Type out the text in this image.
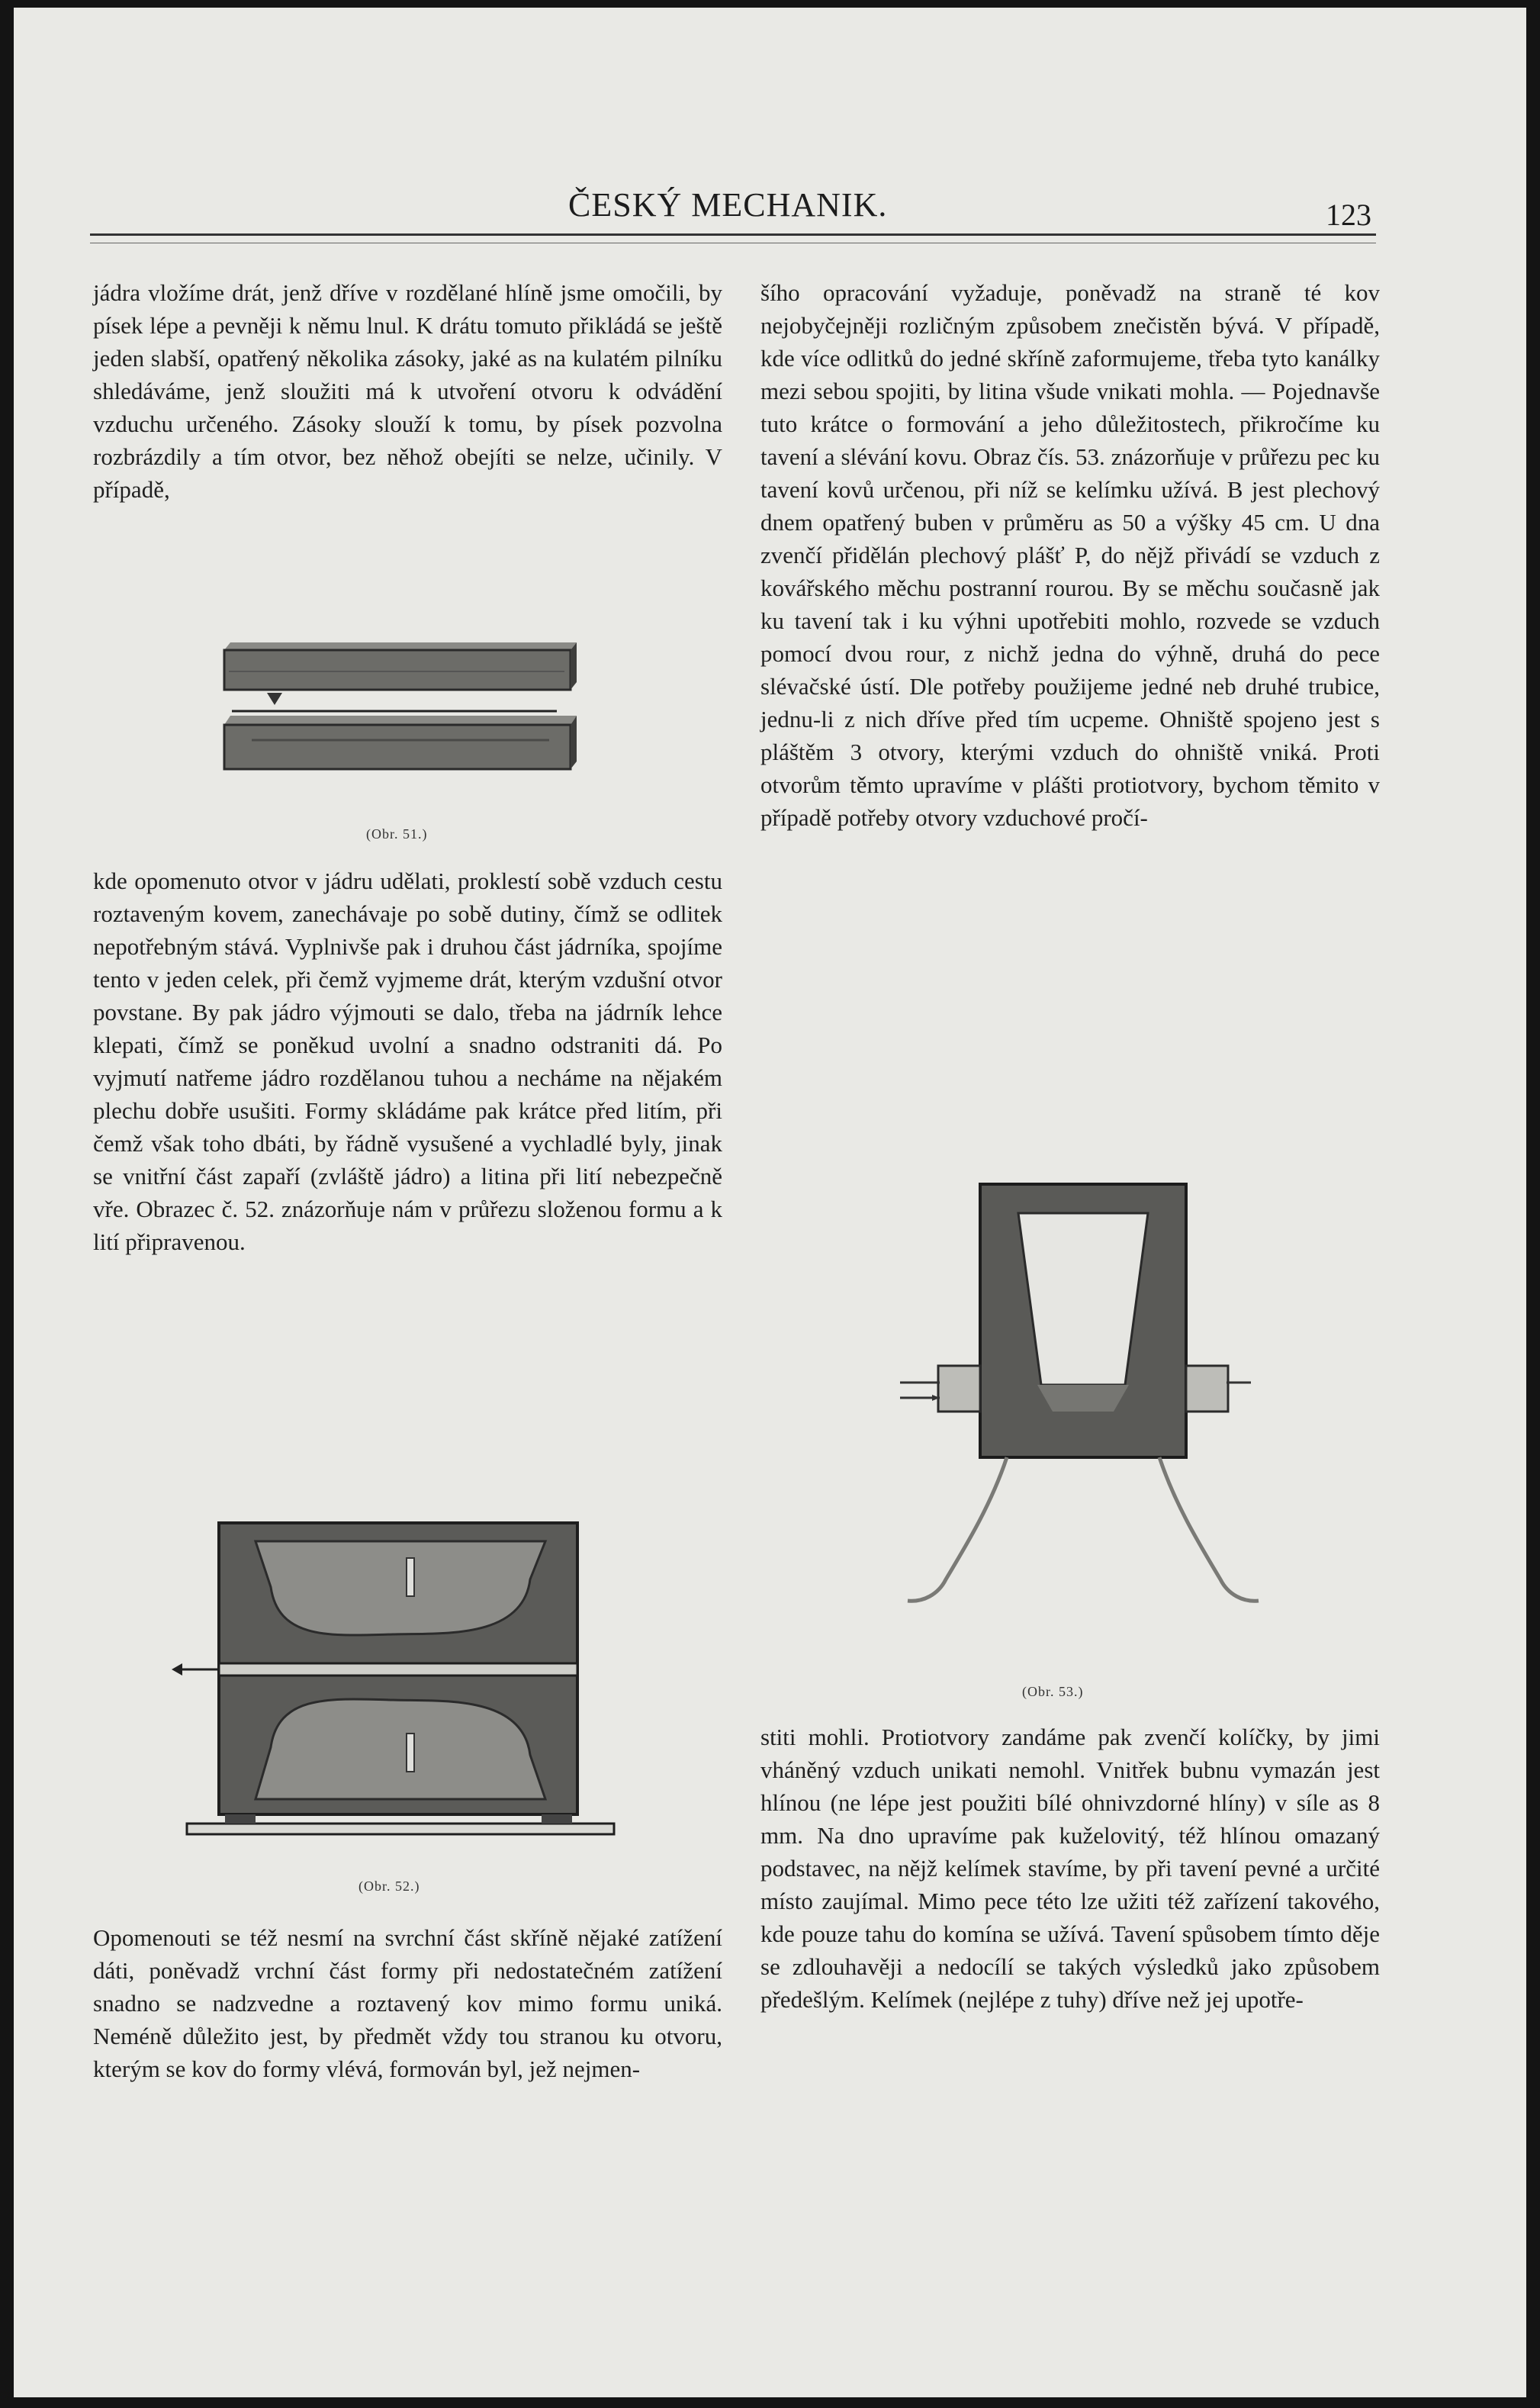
ČESKÝ MECHANIK.	123

jádra vložíme drát, jenž dříve v rozdělané hlíně jsme omočili, by písek lépe a pevněji k němu lnul. K drátu tomuto přikládá se ještě jeden slabší, opatřený několika zásoky, jaké as na kulatém pilníku shledáváme, jenž sloužiti má k utvoření otvoru k odvádění vzduchu určeného. Zásoky slouží k tomu, by písek pozvolna rozbrázdily a tím otvor, bez něhož obejíti se nelze, učinily. V případě,

(Obr. 51.)

kde opomenuto otvor v jádru udělati, proklestí sobě vzduch cestu roztaveným kovem, zanechávaje po sobě dutiny, čímž se odlitek nepotřebným stává. Vyplnivše pak i druhou část jádrníka, spojíme tento v jeden celek, při čemž vyjmeme drát, kterým vzdušní otvor povstane. By pak jádro výjmouti se dalo, třeba na jádrník lehce klepati, čímž se poněkud uvolní a snadno odstraniti dá. Po vyjmutí natřeme jádro rozdělanou tuhou a necháme na nějakém plechu dobře usušiti. Formy skládáme pak krátce před litím, při čemž však toho dbáti, by řádně vysušené a vychladlé byly, jinak se vnitřní část zapaří (zvláště jádro) a litina při lití nebezpečně vře. Obrazec č. 52. znázorňuje nám v průřezu složenou formu a k lití připravenou.

(Obr. 52.)

Opomenouti se též nesmí na svrchní část skříně nějaké zatížení dáti, poněvadž vrchní část formy při nedostatečném zatížení snadno se nadzvedne a roztavený kov mimo formu uniká. Neméně důležito jest, by předmět vždy tou stranou ku otvoru, kterým se kov do formy vlévá, formován byl, jež nejmen-

šího opracování vyžaduje, poněvadž na straně té kov nejobyčejněji rozličným způsobem znečistěn bývá. V případě, kde více odlitků do jedné skříně zaformujeme, třeba tyto kanálky mezi sebou spojiti, by litina všude vnikati mohla. — Pojednavše tuto krátce o formování a jeho důležitostech, přikročíme ku tavení a slévání kovu. Obraz čís. 53. znázorňuje v průřezu pec ku tavení kovů určenou, při níž se kelímku užívá. B jest plechový dnem opatřený buben v průměru as 50 a výšky 45 cm. U dna zvenčí přidělán plechový plášť P, do nějž přivádí se vzduch z kovářského měchu postranní rourou. By se měchu současně jak ku tavení tak i ku výhni upotřebiti mohlo, rozvede se vzduch pomocí dvou rour, z nichž jedna do výhně, druhá do pece slévačské ústí. Dle potřeby použijeme jedné neb druhé trubice, jednu-li z nich dříve před tím ucpeme. Ohniště spojeno jest s pláštěm 3 otvory, kterými vzduch do ohniště vniká. Proti otvorům těmto upravíme v plášti protiotvory, bychom těmito v případě potřeby otvory vzduchové pročí-

(Obr. 53.)

stiti mohli. Protiotvory zandáme pak zvenčí kolíčky, by jimi vháněný vzduch unikati nemohl. Vnitřek bubnu vymazán jest hlínou (ne lépe jest použiti bílé ohnivzdorné hlíny) v síle as 8 mm. Na dno upravíme pak kuželovitý, též hlínou omazaný podstavec, na nějž kelímek stavíme, by při tavení pevné a určité místo zaujímal. Mimo pece této lze užiti též zařízení takového, kde pouze tahu do komína se užívá. Tavení spůsobem tímto děje se zdlouhavěji a nedocílí se takých výsledků jako způsobem předešlým. Kelímek (nejlépe z tuhy) dříve než jej upotře-
